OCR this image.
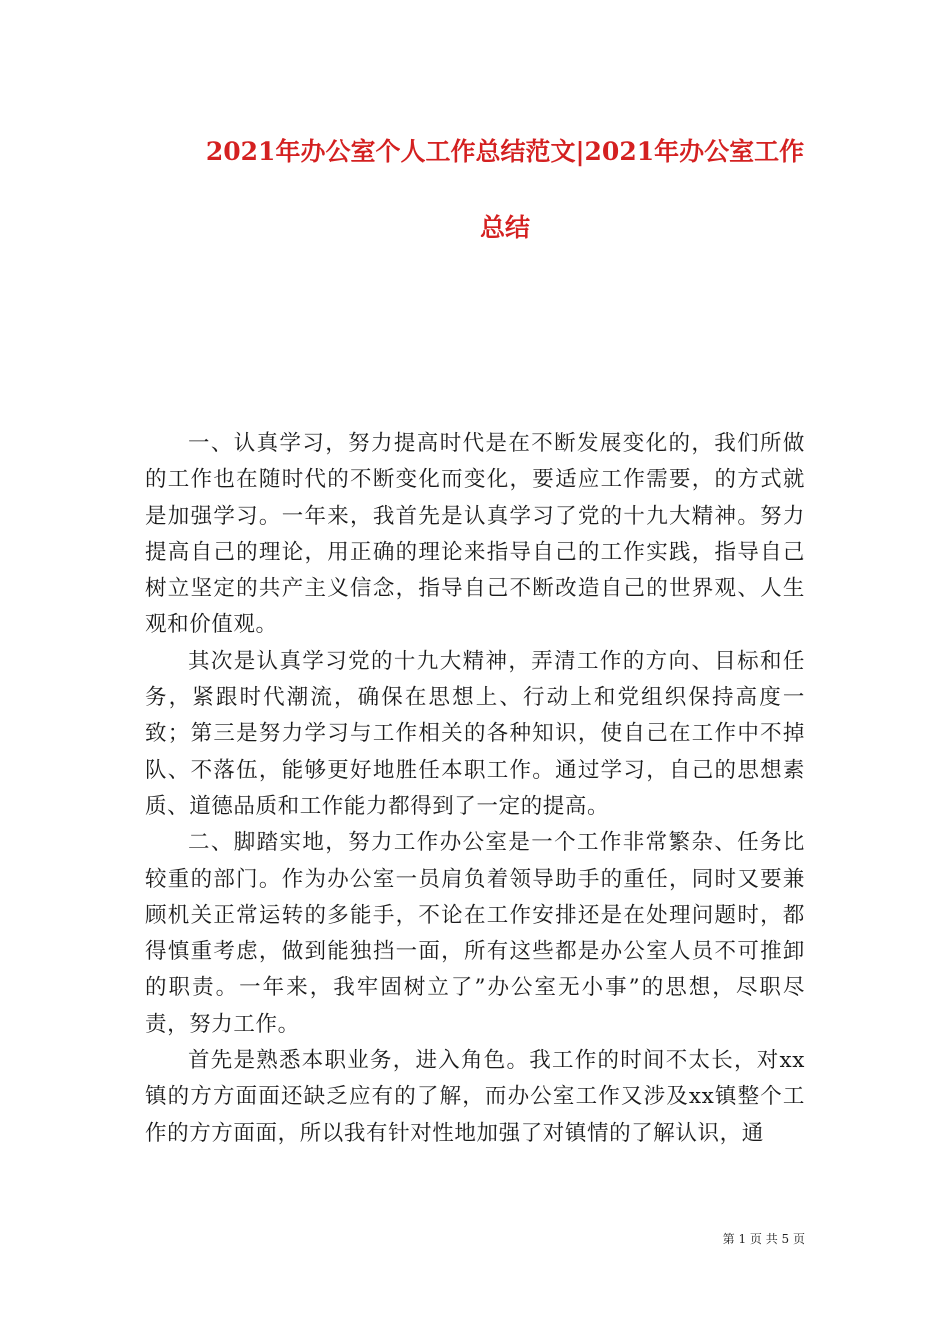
2021年办公室个人工作总结范文|2021年办公室工作
总结

一、认真学习，努力提高时代是在不断发展变化的，我们所做的工作也在随时代的不断变化而变化，要适应工作需要，的方式就是加强学习。一年来，我首先是认真学习了党的十九大精神。努力提高自己的理论，用正确的理论来指导自己的工作实践，指导自己树立坚定的共产主义信念，指导自己不断改造自己的世界观、人生观和价值观。

其次是认真学习党的十九大精神，弄清工作的方向、目标和任务，紧跟时代潮流，确保在思想上、行动上和党组织保持高度一致；第三是努力学习与工作相关的各种知识，使自己在工作中不掉队、不落伍，能够更好地胜任本职工作。通过学习，自己的思想素质、道德品质和工作能力都得到了一定的提高。

二、脚踏实地，努力工作办公室是一个工作非常繁杂、任务比较重的部门。作为办公室一员肩负着领导助手的重任，同时又要兼顾机关正常运转的多能手，不论在工作安排还是在处理问题时，都得慎重考虑，做到能独挡一面，所有这些都是办公室人员不可推卸的职责。一年来，我牢固树立了”办公室无小事”的思想，尽职尽责，努力工作。

首先是熟悉本职业务，进入角色。我工作的时间不太长，对xx镇的方方面面还缺乏应有的了解，而办公室工作又涉及xx镇整个工作的方方面面，所以我有针对性地加强了对镇情的了解认识，通

第 1 页 共 5 页
